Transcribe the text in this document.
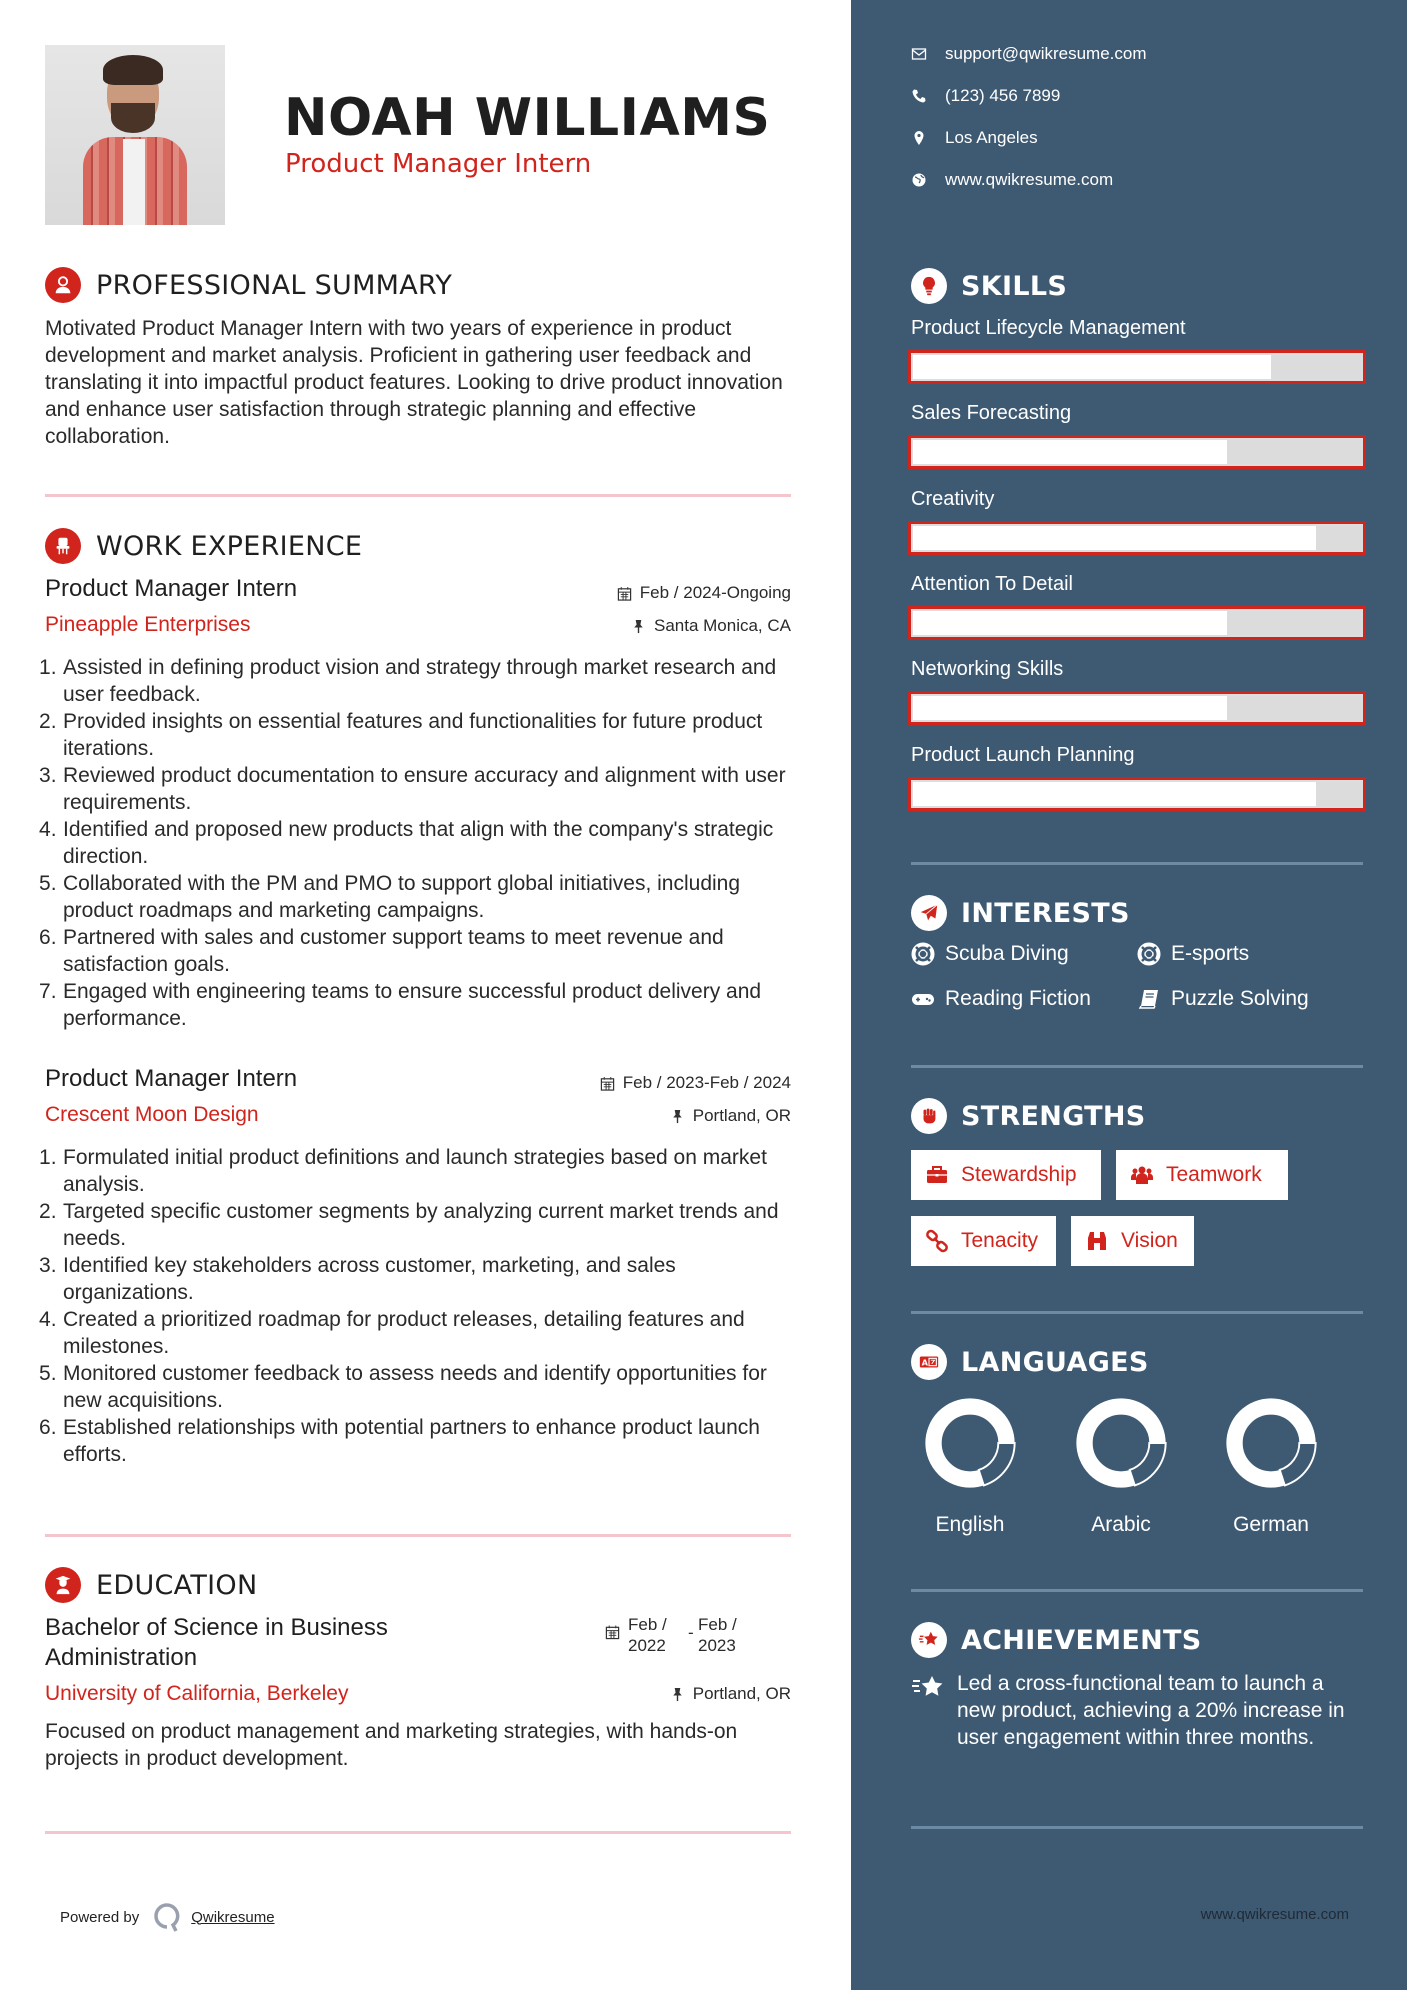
NOAH WILLIAMS
Product Manager Intern
PROFESSIONAL SUMMARY
Motivated Product Manager Intern with two years of experience in product development and market analysis. Proficient in gathering user feedback and translating it into impactful product features. Looking to drive product innovation and enhance user satisfaction through strategic planning and effective collaboration.
WORK EXPERIENCE
Product Manager Intern	Feb / 2024-Ongoing
Pineapple Enterprises	Santa Monica, CA
Assisted in defining product vision and strategy through market research and user feedback.
Provided insights on essential features and functionalities for future product iterations.
Reviewed product documentation to ensure accuracy and alignment with user requirements.
Identified and proposed new products that align with the company's strategic direction.
Collaborated with the PM and PMO to support global initiatives, including product roadmaps and marketing campaigns.
Partnered with sales and customer support teams to meet revenue and satisfaction goals.
Engaged with engineering teams to ensure successful product delivery and performance.
Product Manager Intern	Feb / 2023-Feb / 2024
Crescent Moon Design	Portland, OR
Formulated initial product definitions and launch strategies based on market analysis.
Targeted specific customer segments by analyzing current market trends and needs.
Identified key stakeholders across customer, marketing, and sales organizations.
Created a prioritized roadmap for product releases, detailing features and milestones.
Monitored customer feedback to assess needs and identify opportunities for new acquisitions.
Established relationships with potential partners to enhance product launch efforts.
EDUCATION
Bachelor of Science in Business Administration
Feb / 2022
- Feb / 2023
University of California, Berkeley	Portland, OR
Focused on product management and marketing strategies, with hands-on projects in product development.
Powered by	Qwikresume
support@qwikresume.com
(123) 456 7899
Los Angeles
www.qwikresume.com
SKILLS
Product Lifecycle Management
Sales Forecasting
Creativity
Attention To Detail
Networking Skills
Product Launch Planning
INTERESTS
Scuba Diving	E-sports
Reading Fiction	Puzzle Solving
STRENGTHS
Stewardship	Teamwork
Tenacity	Vision
A LANGUAGES
English	Arabic	German
ACHIEVEMENTS
Led a cross-functional team to launch a new product, achieving a 20% increase in user engagement within three months.
www.qwikresume.com
